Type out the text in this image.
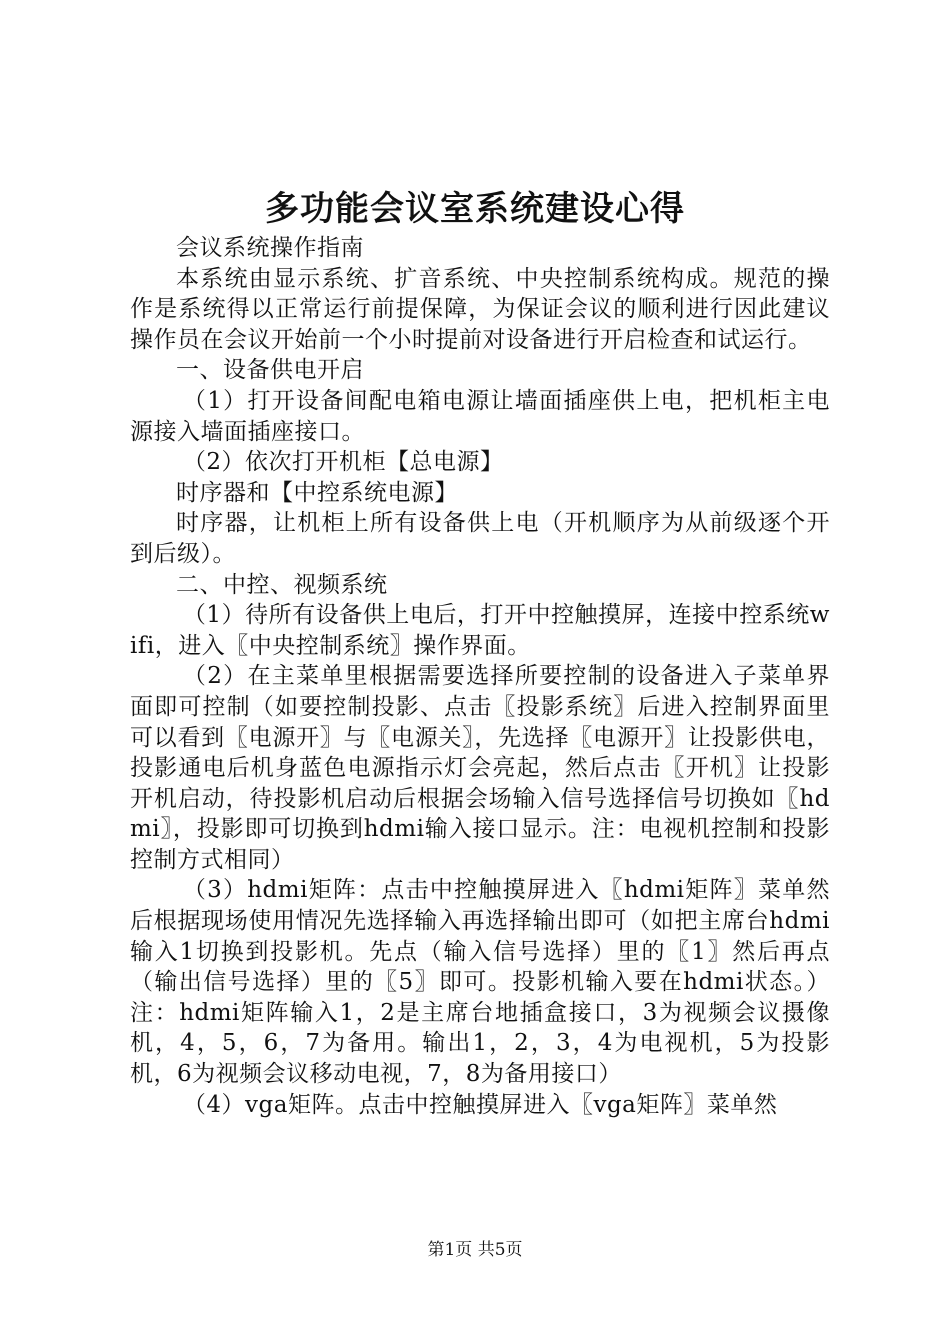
多功能会议室系统建设心得

会议系统操作指南

本系统由显示系统、扩音系统、中央控制系统构成。规范的操作是系统得以正常运行前提保障，为保证会议的顺利进行因此建议操作员在会议开始前一个小时提前对设备进行开启检查和试运行。

一、设备供电开启

（1）打开设备间配电箱电源让墙面插座供上电，把机柜主电源接入墙面插座接口。

（2）依次打开机柜【总电源】

时序器和【中控系统电源】

时序器，让机柜上所有设备供上电（开机顺序为从前级逐个开到后级）。

二、中控、视频系统

（1）待所有设备供上电后，打开中控触摸屏，连接中控系统wifi，进入〖中央控制系统〗操作界面。

（2）在主菜单里根据需要选择所要控制的设备进入子菜单界面即可控制（如要控制投影、点击〖投影系统〗后进入控制界面里可以看到〖电源开〗与〖电源关〗，先选择〖电源开〗让投影供电，投影通电后机身蓝色电源指示灯会亮起，然后点击〖开机〗让投影开机启动，待投影机启动后根据会场输入信号选择信号切换如〖hdmi〗，投影即可切换到hdmi输入接口显示。注：电视机控制和投影控制方式相同）

（3）hdmi矩阵：点击中控触摸屏进入〖hdmi矩阵〗菜单然后根据现场使用情况先选择输入再选择输出即可（如把主席台hdmi输入1切换到投影机。先点（输入信号选择）里的〖1〗然后再点（输出信号选择）里的〖5〗即可。投影机输入要在hdmi状态。）注：hdmi矩阵输入1，2是主席台地插盒接口，3为视频会议摄像机，4，5，6，7为备用。输出1，2，3，4为电视机，5为投影机，6为视频会议移动电视，7，8为备用接口）

（4）vga矩阵。点击中控触摸屏进入〖vga矩阵〗菜单然

第1页 共5页
